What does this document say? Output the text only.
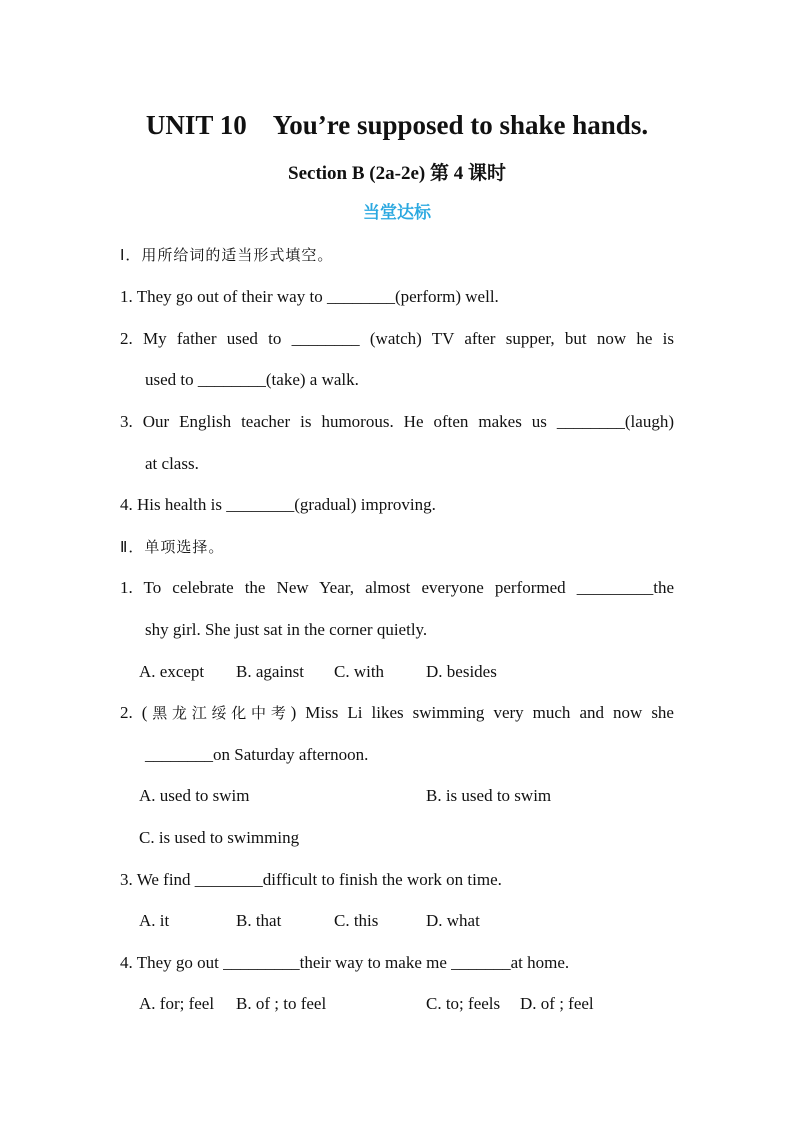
UNIT 10    You’re supposed to shake hands.
Section B (2a-2e) 第 4 课时
当堂达标
Ⅰ．用所给词的适当形式填空。
1. They go out of their way to ________(perform) well.
2. My father used to ________ (watch) TV after supper, but now he is
used to ________(take) a walk.
3. Our English teacher is humorous. He often makes us ________(laugh)
at class.
4. His health is ________(gradual) improving.
Ⅱ．单项选择。
1. To celebrate the New Year, almost everyone performed _________the
shy girl. She just sat in the corner quietly.
A. except B. against C. with D. besides
2. (黑龙江绥化中考) Miss Li likes swimming very much and now she
________on Saturday afternoon.
A. used to swim	B. is used to swim
C. is used to swimming
3. We find ________difficult to finish the work on time.
A. it	B. that	C. this	D. what
4. They go out _________their way to make me _______at home.
A. for; feel B. of ; to feel	C. to; feels D. of ; feel
